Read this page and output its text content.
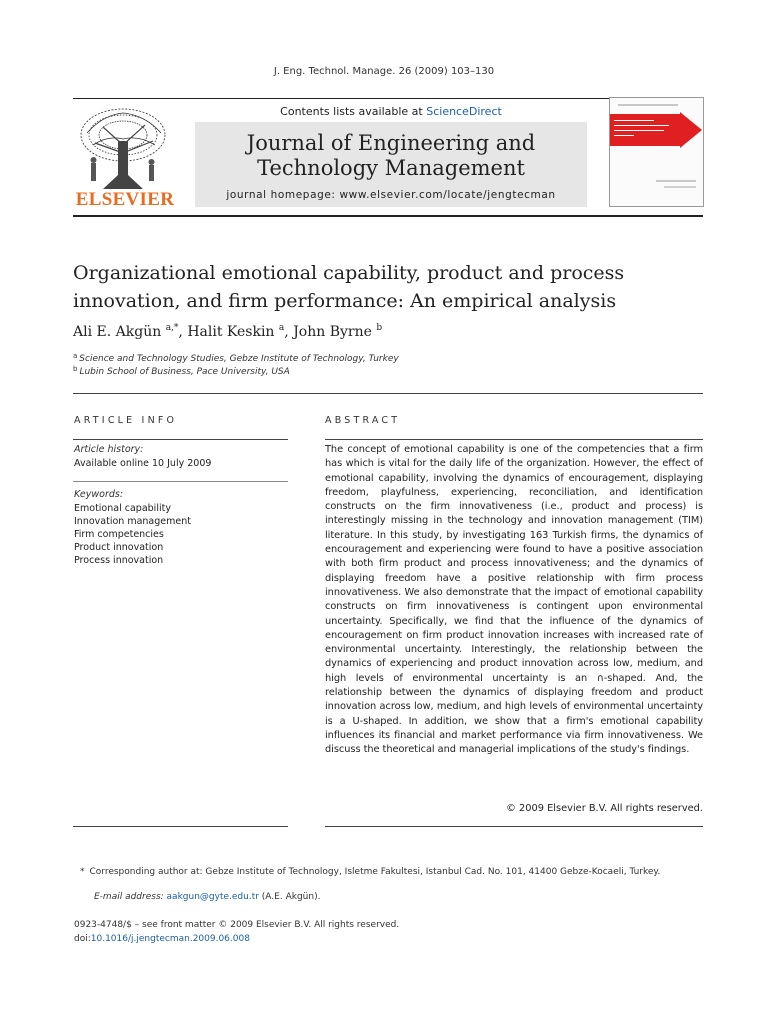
J. Eng. Technol. Manage. 26 (2009) 103–130
ELSEVIER
Contents lists available at ScienceDirect
Journal of Engineering and
Technology Management
journal homepage: www.elsevier.com/locate/jengtecman
Organizational emotional capability, product and process
innovation, and firm performance: An empirical analysis
Ali E. Akgün $^{a,*}$, Halit Keskin $^a$, John Byrne $^b$
$^a$ Science and Technology Studies, Gebze Institute of Technology, Turkey
$^b$ Lubin School of Business, Pace University, USA
ARTICLE INFO	ABSTRACT
Article history:
Available online 10 July 2009
Keywords:
Emotional capability
Innovation management
Firm competencies
Product innovation
Process innovation
The concept of emotional capability is one of the competencies that a firm has which is vital for the daily life of the organization. However, the effect of emotional capability, involving the dynamics of encouragement, displaying freedom, playfulness, experiencing, reconciliation, and identification constructs on the firm innovativeness (i.e., product and process) is interestingly missing in the technology and innovation management (TIM) literature. In this study, by investigating 163 Turkish firms, the dynamics of encouragement and experiencing were found to have a positive association with both firm product and process innovativeness; and the dynamics of displaying freedom have a positive relationship with firm process innovativeness. We also demonstrate that the impact of emotional capability constructs on firm innovativeness is contingent upon environmental uncertainty. Specifically, we find that the influence of the dynamics of encouragement on firm product innovation increases with increased rate of environmental uncertainty. Interestingly, the relationship between the dynamics of experiencing and product innovation across low, medium, and high levels of environmental uncertainty is an ∩-shaped. And, the relationship between the dynamics of displaying freedom and product innovation across low, medium, and high levels of environmental uncertainty is a U-shaped. In addition, we show that a firm's emotional capability influences its financial and market performance via firm innovativeness. We discuss the theoretical and managerial implications of the study's findings.
© 2009 Elsevier B.V. All rights reserved.
* Corresponding author at: Gebze Institute of Technology, Isletme Fakultesi, Istanbul Cad. No. 101, 41400 Gebze-Kocaeli, Turkey.
E-mail address: aakgun@gyte.edu.tr (A.E. Akgün).
0923-4748/$ – see front matter © 2009 Elsevier B.V. All rights reserved.
doi:10.1016/j.jengtecman.2009.06.008
